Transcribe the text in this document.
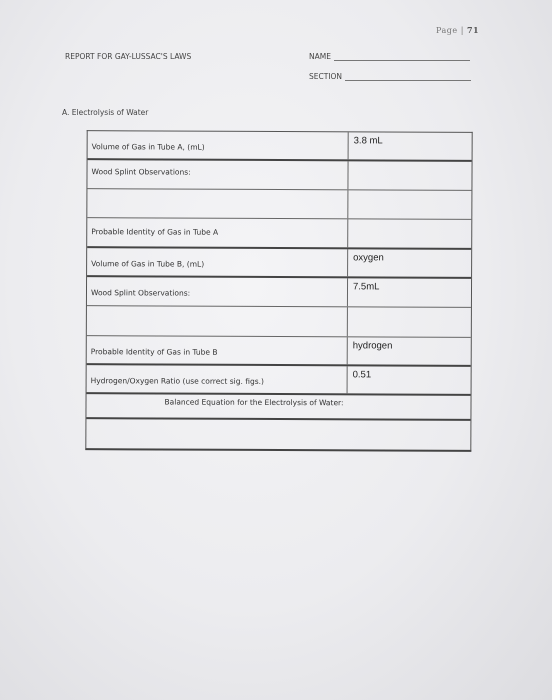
Page | 71
REPORT FOR GAY-LUSSAC'S LAWS	NAME
SECTION
A. Electrolysis of Water
Volume of Gas in Tube A, (mL)
3.8 mL
Wood Splint Observations:
Probable Identity of Gas in Tube A
Volume of Gas in Tube B, (mL)
oxygen
Wood Splint Observations:
7.5mL
Probable Identity of Gas in Tube B
hydrogen
Hydrogen/Oxygen Ratio (use correct sig. figs.)
0.51
Balanced Equation for the Electrolysis of Water:
